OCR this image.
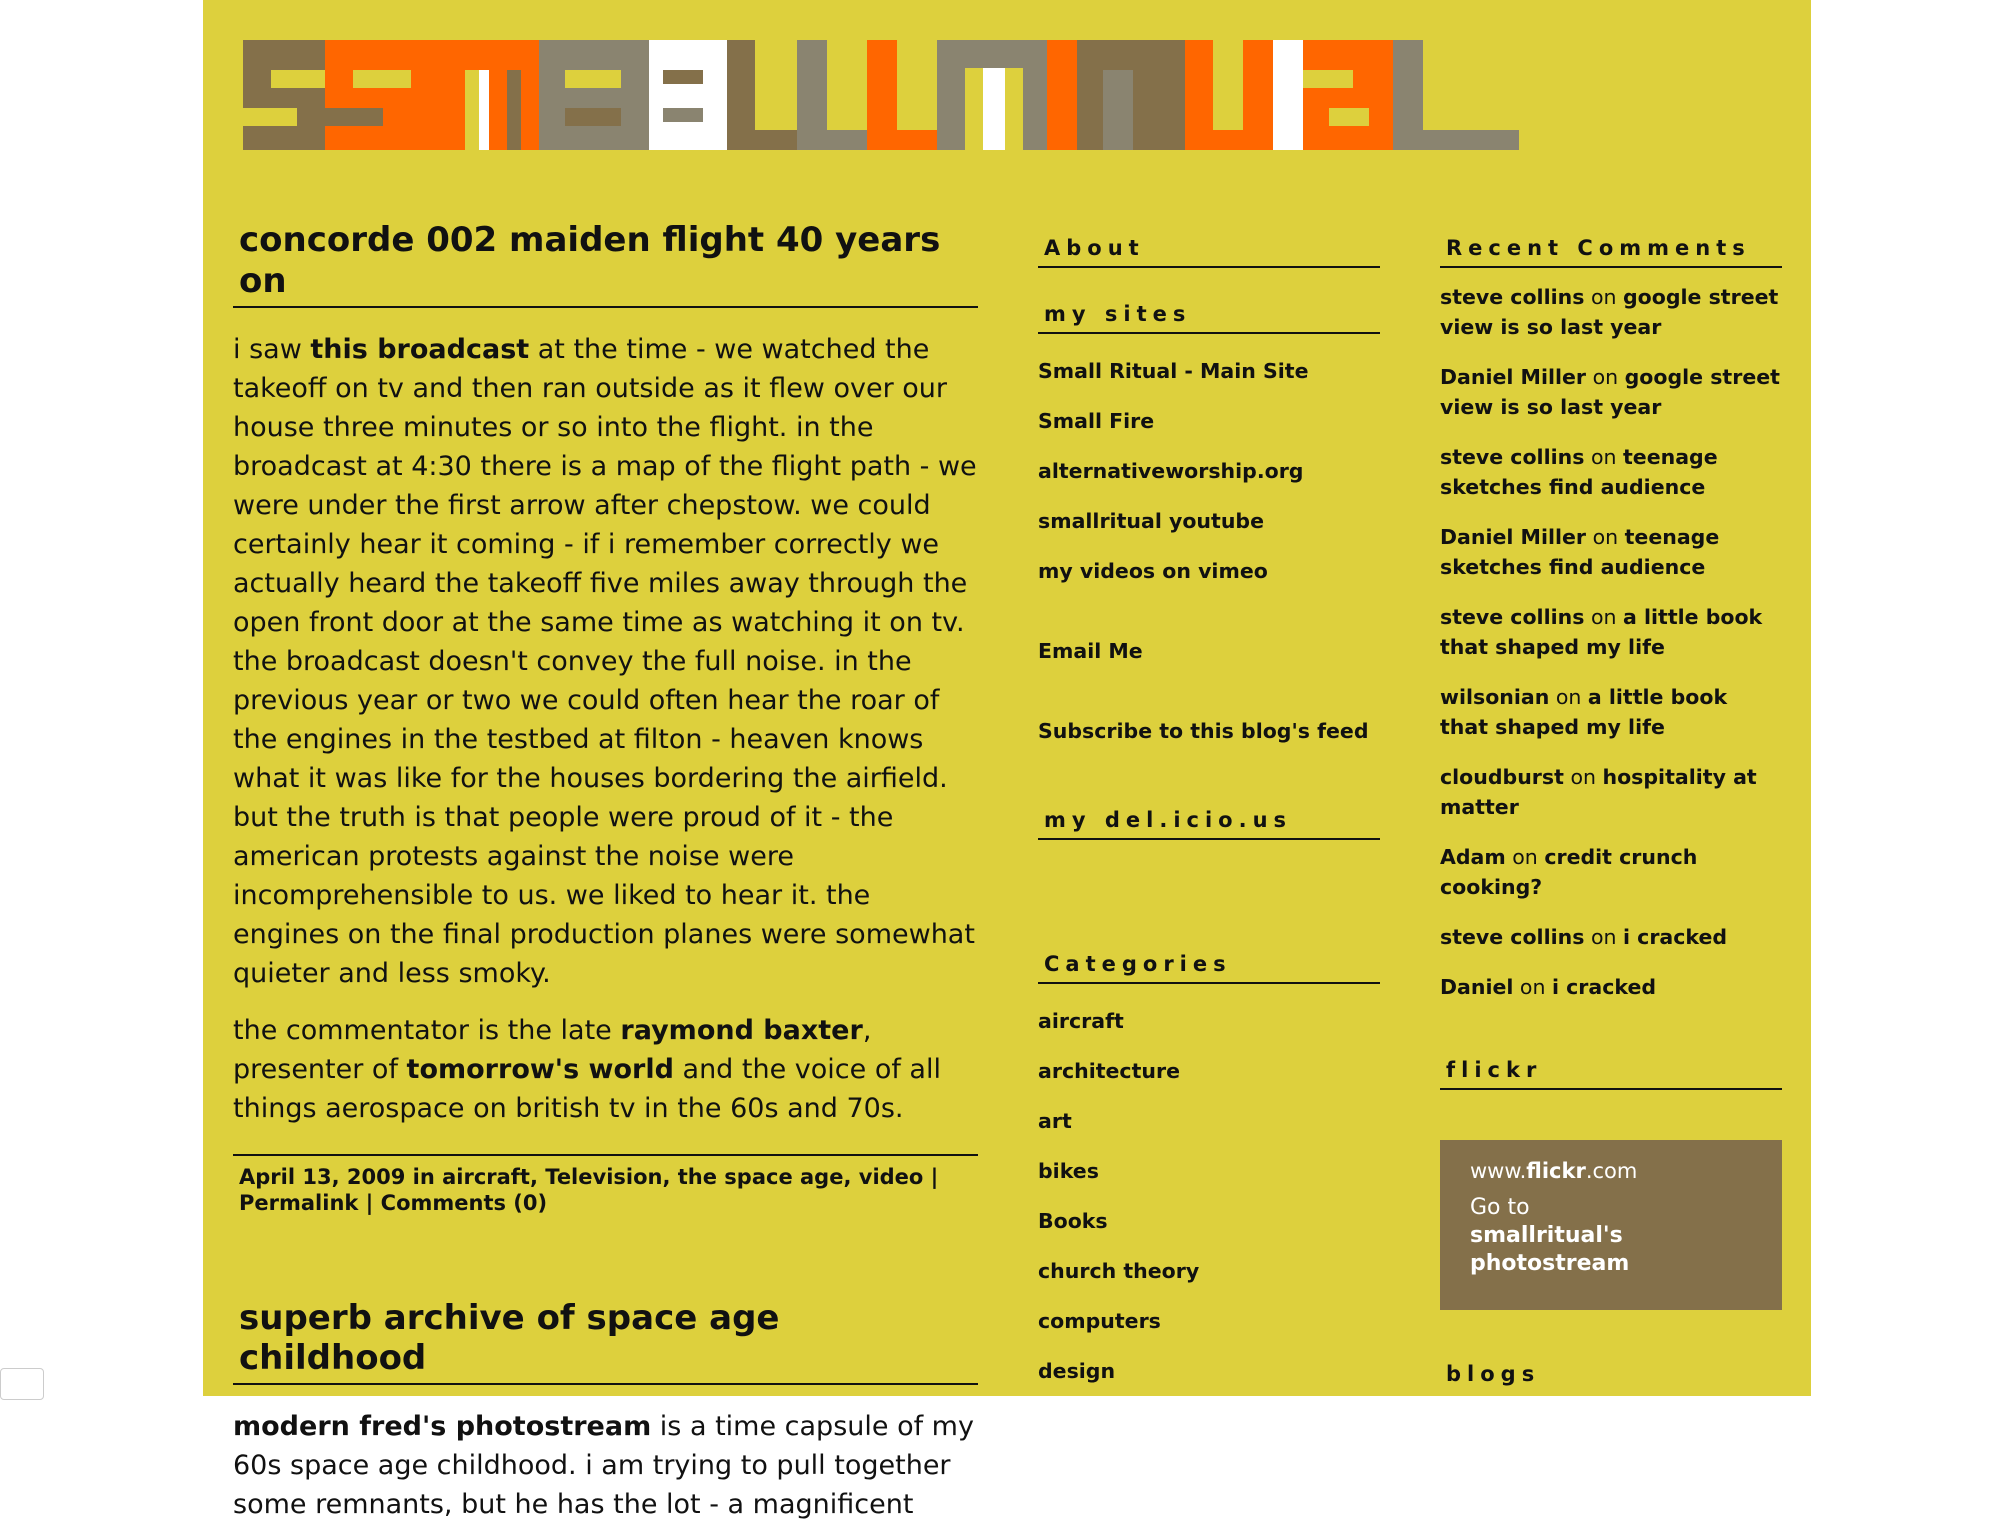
concorde 002 maiden flight 40 years on

i saw this broadcast at the time - we watched the takeoff on tv and then ran outside as it flew over our house three minutes or so into the flight. in the broadcast at 4:30 there is a map of the flight path - we were under the first arrow after chepstow. we could certainly hear it coming - if i remember correctly we actually heard the takeoff five miles away through the open front door at the same time as watching it on tv. the broadcast doesn't convey the full noise. in the previous year or two we could often hear the roar of the engines in the testbed at filton - heaven knows what it was like for the houses bordering the airfield. but the truth is that people were proud of it - the american protests against the noise were incomprehensible to us. we liked to hear it. the engines on the final production planes were somewhat quieter and less smoky.

the commentator is the late raymond baxter, presenter of tomorrow's world and the voice of all things aerospace on british tv in the 60s and 70s.

April 13, 2009 in aircraft, Television, the space age, video |
Permalink | Comments (0)
superb archive of space age childhood

modern fred's photostream is a time capsule of my 60s space age childhood. i am trying to pull together some remnants, but he has the lot - a magnificent

About
my sites
Small Ritual - Main Site
Small Fire
alternativeworship.org
smallritual youtube
my videos on vimeo
Email Me
Subscribe to this blog's feed
my del.icio.us
Categories
aircraft
architecture
art
bikes
Books
church theory
computers
design
Recent Comments
steve collins on google street view is so last year
Daniel Miller on google street view is so last year
steve collins on teenage sketches find audience
Daniel Miller on teenage sketches find audience
steve collins on a little book that shaped my life
wilsonian on a little book that shaped my life
cloudburst on hospitality at matter
Adam on credit crunch cooking?
steve collins on i cracked
Daniel on i cracked
flickr
www.flickr.com
Go to
smallritual's photostream
blogs
